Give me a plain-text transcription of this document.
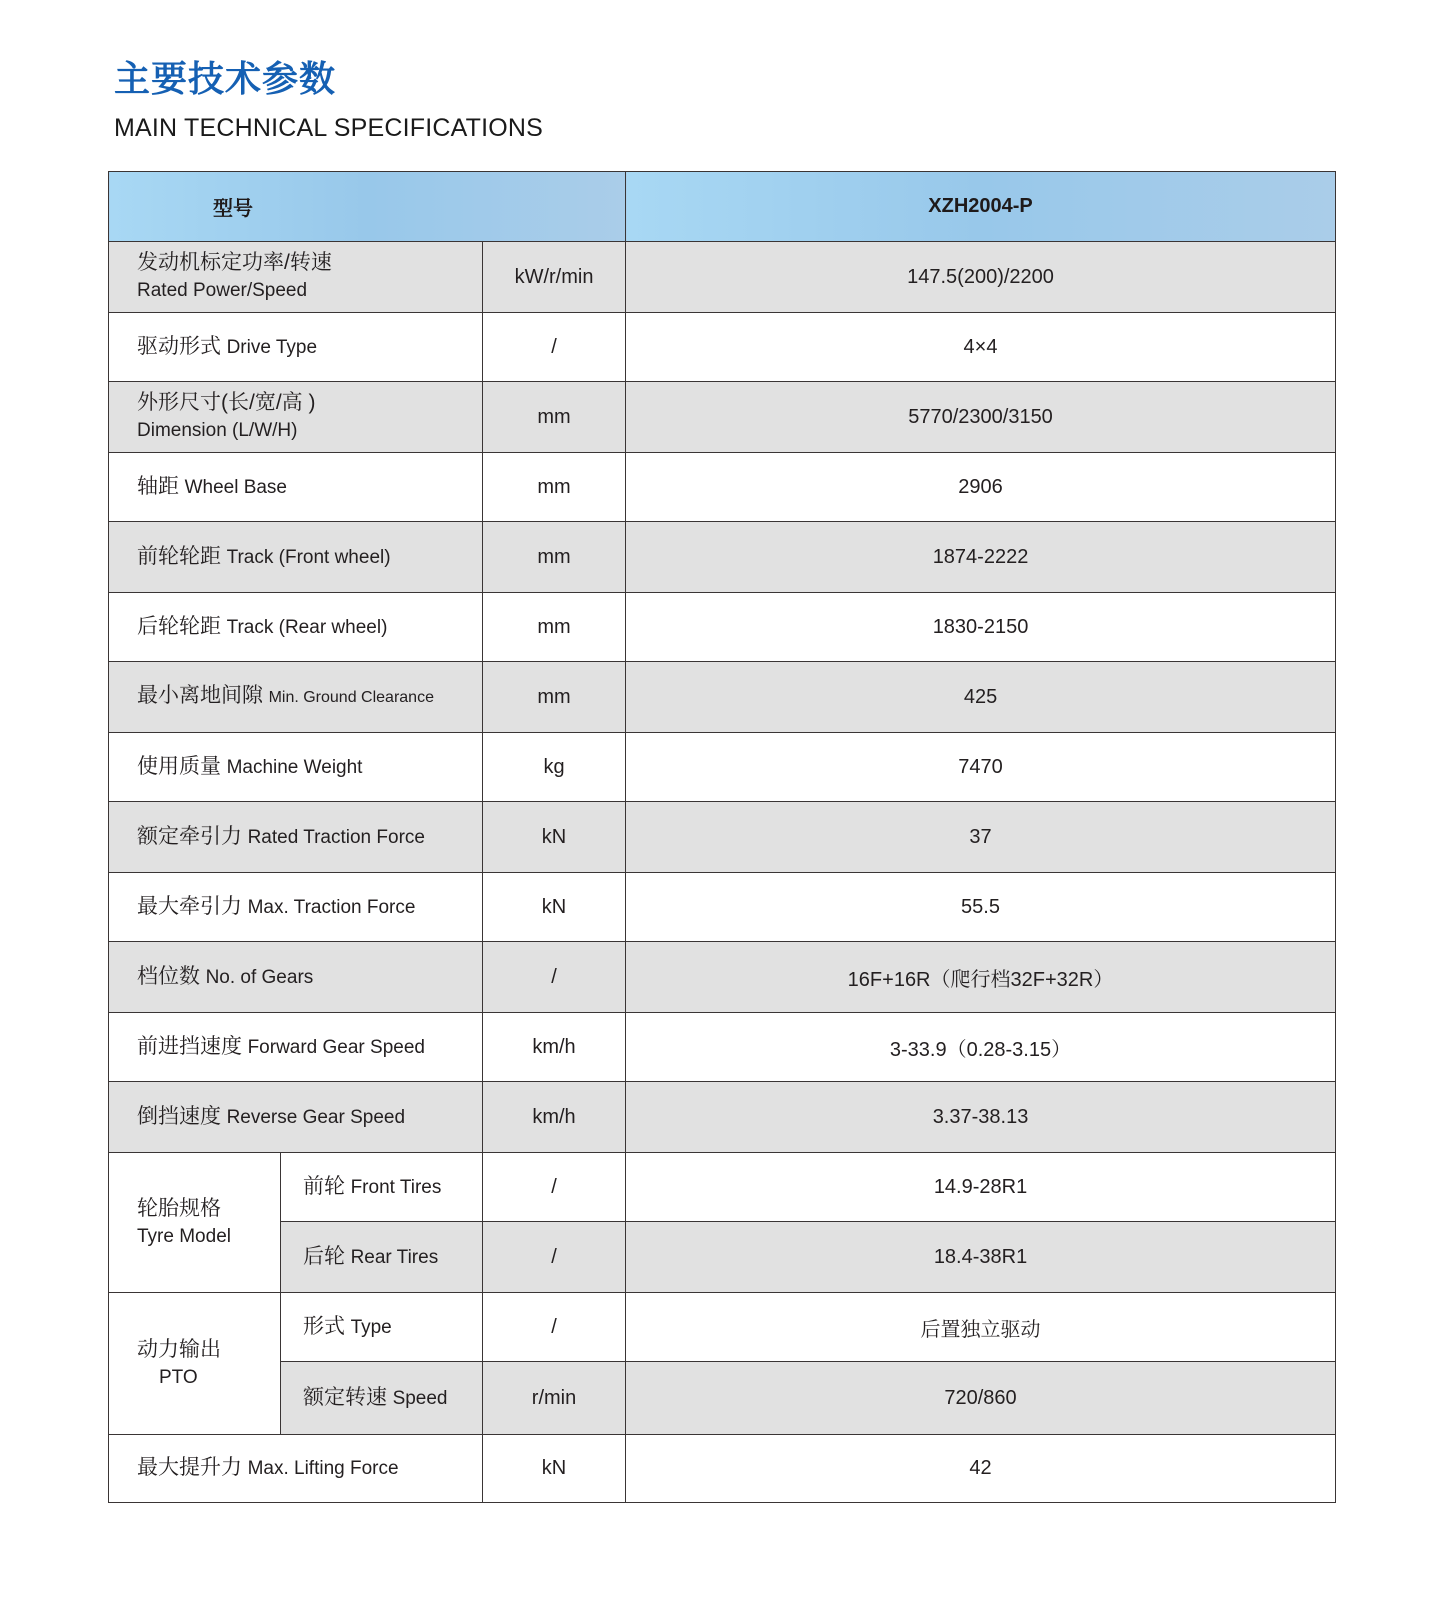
主要技术参数
MAIN TECHNICAL SPECIFICATIONS
型号			XZH2004-P

发动机标定功率/转速
Rated Power/Speed		kW/r/min	147.5(200)/2200
驱动形式 Drive Type		/	4×4

外形尺寸(长/宽/高 )
Dimension (L/W/H)		mm	5770/2300/3150
轴距 Wheel Base		mm	2906
前轮轮距 Track (Front wheel)		mm	1874-2222
后轮轮距 Track (Rear wheel)		mm	1830-2150
最小离地间隙 Min. Ground Clearance		mm	425
使用质量 Machine Weight		kg	7470
额定牵引力 Rated Traction Force		kN	37
最大牵引力 Max. Traction Force		kN	55.5
档位数 No. of Gears		/	16F+16R（爬行档32F+32R）
前进挡速度 Forward Gear Speed		km/h	3-33.9（0.28-3.15）
倒挡速度 Reverse Gear Speed		km/h	3.37-38.13

轮胎规格
Tyre Model	前轮 Front Tires	/	14.9-28R1
	后轮 Rear Tires	/	18.4-38R1

动力输出
PTO	形式 Type	/	后置独立驱动
	额定转速 Speed	r/min	720/860
最大提升力 Max. Lifting Force		kN	42
